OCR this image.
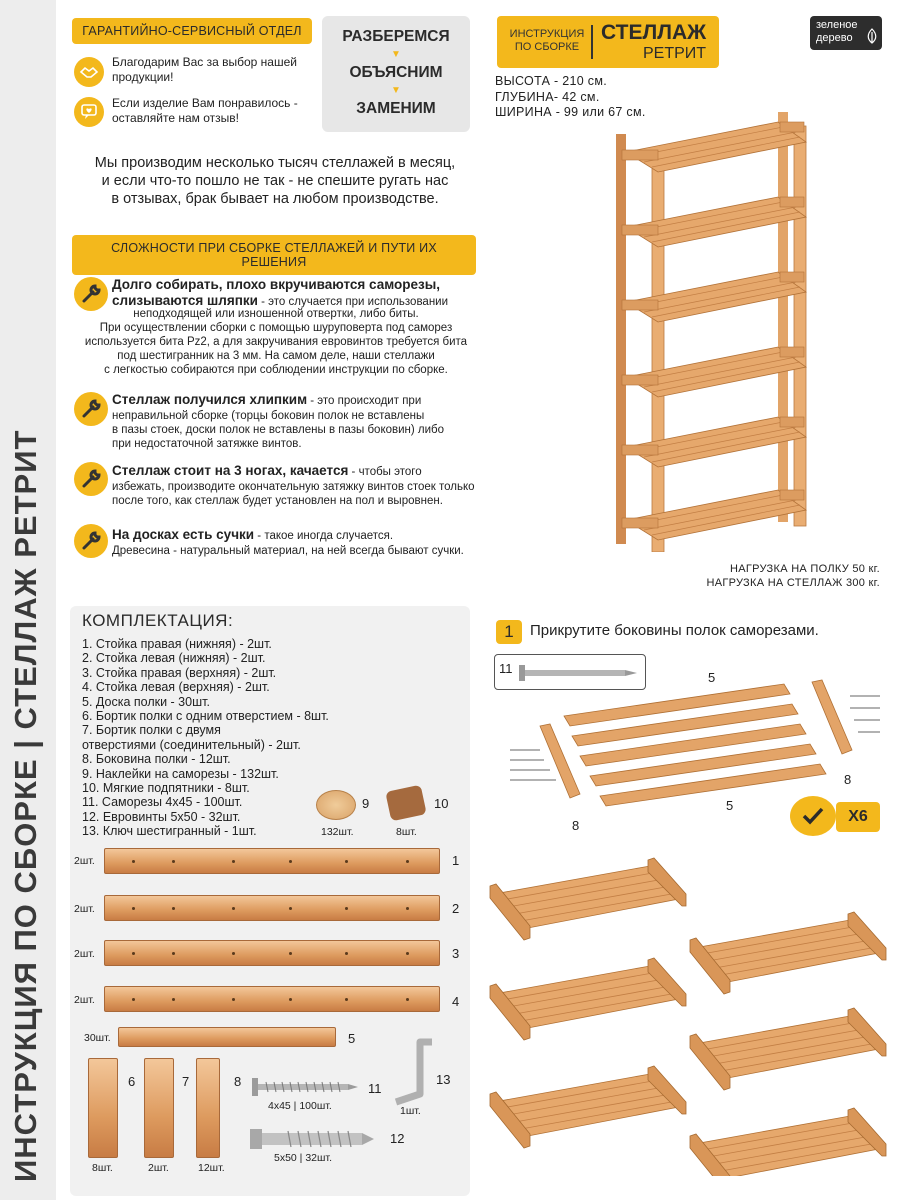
ИНСТРУКЦИЯ ПО СБОРКЕ | СТЕЛЛАЖ РЕТРИТ
ГАРАНТИЙНО-СЕРВИСНЫЙ ОТДЕЛ
Благодарим Вас за выбор нашей
продукции!
Если изделие Вам понравилось -
оставляйте нам отзыв!
РАЗБЕРЕМСЯ
▼
ОБЪЯСНИМ
▼
ЗАМЕНИМ
Мы производим несколько тысяч стеллажей в месяц,
и если что-то пошло не так - не спешите ругать нас
в отзывах, брак бывает на любом производстве.
СЛОЖНОСТИ ПРИ СБОРКЕ СТЕЛЛАЖЕЙ И ПУТИ ИХ РЕШЕНИЯ
Долго собирать, плохо вкручиваются саморезы,
слизываются шляпки - это случается при использовании
неподходящей или изношенной отвертки, либо биты.
При осуществлении сборки с помощью шуруповерта под саморез
используется бита Pz2, а для закручивания евровинтов требуется бита
под шестигранник на 3 мм. На самом деле, наши стеллажи
с легкостью собираются при соблюдении инструкции по сборке.
Стеллаж получился хлипким - это происходит при
неправильной сборке (торцы боковин полок не вставлены
в пазы стоек, доски полок не вставлены в пазы боковин) либо
при недостаточной затяжке винтов.
Стеллаж стоит на 3 ногах, качается - чтобы этого
избежать, производите окончательную затяжку винтов стоек только
после того, как стеллаж будет установлен на пол и выровнен.
На досках есть сучки - такое иногда случается.
Древесина - натуральный материал, на ней всегда бывают сучки.
ИНСТРУКЦИЯ
ПО СБОРКЕ
СТЕЛЛАЖ
РЕТРИТ
зеленое
дерево
ВЫСОТА - 210 см.
ГЛУБИНА- 42 см.
ШИРИНА - 99 или 67 см.
НАГРУЗКА НА ПОЛКУ 50 кг.
НАГРУЗКА НА СТЕЛЛАЖ 300 кг.
КОМПЛЕКТАЦИЯ:
1. Стойка правая (нижняя) - 2шт.
2. Стойка левая (нижняя) - 2шт.
3. Стойка правая (верхняя) - 2шт.
4. Стойка левая (верхняя) - 2шт.
5. Доска полки - 30шт.
6. Бортик полки с одним отверстием - 8шт.
7. Бортик полки с двумя
отверстиями (соединительный) - 2шт.
8. Боковина полки - 12шт.
9. Наклейки на саморезы - 132шт.
10. Мягкие подпятники - 8шт.
11. Саморезы 4х45 - 100шт.
12. Евровинты 5х50 - 32шт.
13. Ключ шестигранный - 1шт.
9
132шт.
10
8шт.
2шт.	1
2шт.	2
2шт.	3
2шт.	4
30шт.	5
6
8шт.
7
2шт.
8
12шт.
11
4х45 | 100шт.
12
5х50 | 32шт.
13
1шт.
1	Прикрутите боковины полок саморезами.
11
5
5
8
8
X6
